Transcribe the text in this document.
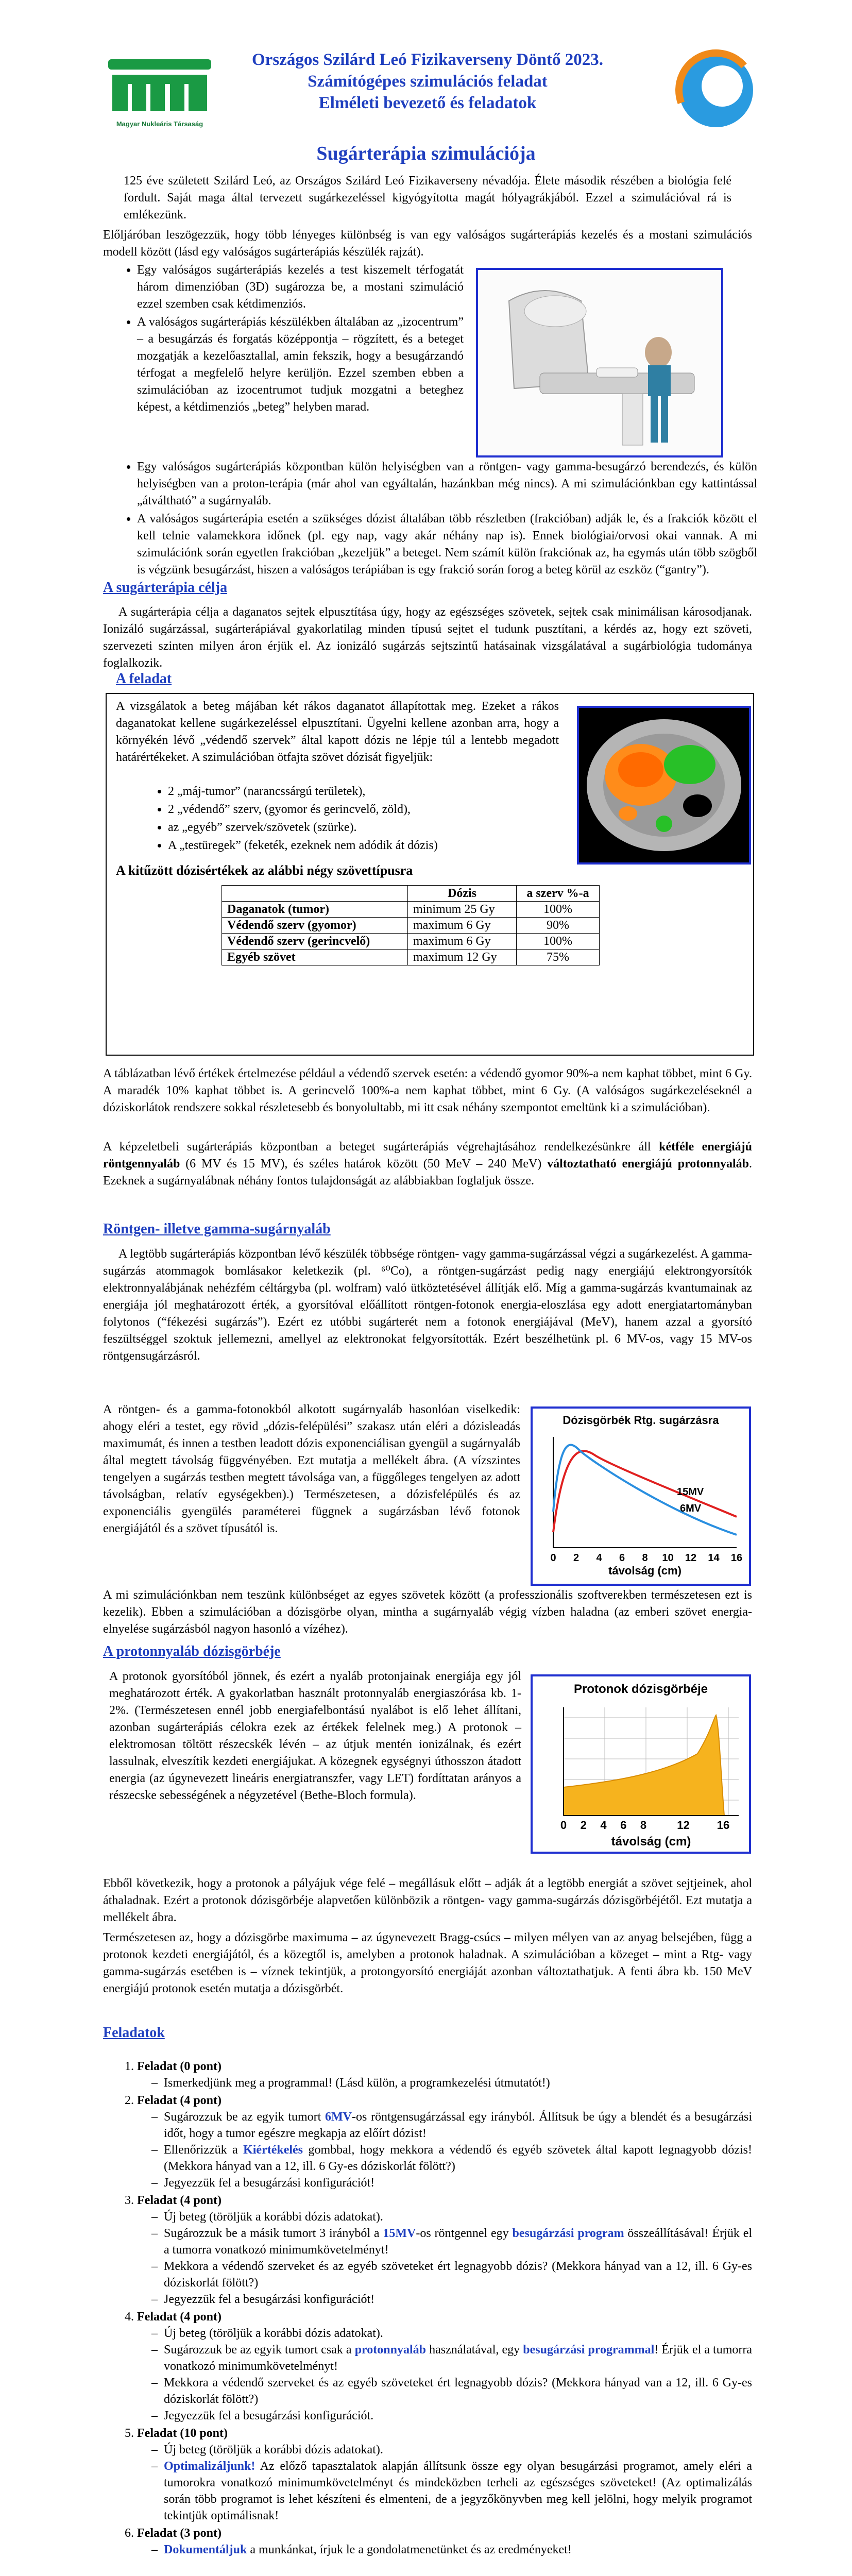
Magyar Nukleáris Társaság
Országos Szilárd Leó Fizikaverseny Döntő 2023.
Számítógépes szimulációs feladat
Elméleti bevezető és feladatok
Sugárterápia szimulációja
125 éve született Szilárd Leó, az Országos Szilárd Leó Fizikaverseny névadója. Élete második részében a biológia felé fordult. Saját maga által tervezett sugárkezeléssel kigyógyította magát hólyagrákjából. Ezzel a szimulációval rá is emlékezünk.
Előljáróban leszögezzük, hogy több lényeges különbség is van egy valóságos sugárterápiás kezelés és a mostani szimulációs modell között (lásd egy valóságos sugárterápiás készülék rajzát).
• Egy valóságos sugárterápiás kezelés a test kiszemelt térfogatát három dimenzióban (3D) sugározza be, a mostani szimuláció ezzel szemben csak kétdimenziós.
• A valóságos sugárterápiás készülékben általában az „izocentrum” – a besugárzás és forgatás középpontja – rögzített, és a beteget mozgatják a kezelőasztallal, amin fekszik, hogy a besugárzandó térfogat a megfelelő helyre kerüljön. Ezzel szemben ebben a szimulációban az izocentrumot tudjuk mozgatni a beteghez képest, a kétdimenziós „beteg” helyben marad.
• Egy valóságos sugárterápiás központban külön helyiségben van a röntgen- vagy gamma-besugárzó berendezés, és külön helyiségben van a proton-terápia (már ahol van egyáltalán, hazánkban még nincs). A mi szimulációnkban egy kattintással „átváltható” a sugárnyaláb.
• A valóságos sugárterápia esetén a szükséges dózist általában több részletben (frakcióban) adják le, és a frakciók között el kell telnie valamekkora időnek (pl. egy nap, vagy akár néhány nap is). Ennek biológiai/orvosi okai vannak. A mi szimulációnk során egyetlen frakcióban „kezeljük” a beteget. Nem számít külön frakciónak az, ha egymás után több szögből is végzünk besugárzást, hiszen a valóságos terápiában is egy frakció során forog a beteg körül az eszköz (“gantry”).
A sugárterápia célja
A sugárterápia célja a daganatos sejtek elpusztítása úgy, hogy az egészséges szövetek, sejtek csak minimálisan károsodjanak. Ionizáló sugárzással, sugárterápiával gyakorlatilag minden típusú sejtet el tudunk pusztítani, a kérdés az, hogy ezt szöveti, szervezeti szinten milyen áron érjük el. Az ionizáló sugárzás sejtszintű hatásainak vizsgálatával a sugárbiológia tudománya foglalkozik.
A feladat
A vizsgálatok a beteg májában két rákos daganatot állapítottak meg. Ezeket a rákos daganatokat kellene sugárkezeléssel elpusztítani. Ügyelni kellene azonban arra, hogy a környékén lévő „védendő szervek” által kapott dózis ne lépje túl a lentebb megadott határértékeket. A szimulációban ötfajta szövet dózisát figyeljük:
• 2 „máj-tumor” (narancssárgú területek),
• 2 „védendő” szerv, (gyomor és gerincvelő, zöld),
• az „egyéb” szervek/szövetek (szürke).
• A „testüregek” (feketék, ezeknek nem adódik át dózis)
A kitűzött dózisértékek az alábbi négy szövettípusra
	Dózis	a szerv %-a
Daganatok (tumor)	minimum 25 Gy	100%
Védendő szerv (gyomor)	maximum 6 Gy	90%
Védendő szerv (gerincvelő)	maximum 6 Gy	100%
Egyéb szövet	maximum 12 Gy	75%
A táblázatban lévő értékek értelmezése például a védendő szervek esetén: a védendő gyomor 90%-a nem kaphat többet, mint 6 Gy. A maradék 10% kaphat többet is. A gerincvelő 100%-a nem kaphat többet, mint 6 Gy. (A valóságos sugárkezeléseknél a dóziskorlátok rendszere sokkal részletesebb és bonyolultabb, mi itt csak néhány szempontot emeltünk ki a szimulációban).
A képzeletbeli sugárterápiás központban a beteget sugárterápiás végrehajtásához rendelkezésünkre áll kétféle energiájú röntgennyaláb (6 MV és 15 MV), és széles határok között (50 MeV – 240 MeV) változtatható energiájú protonnyaláb. Ezeknek a sugárnyalábnak néhány fontos tulajdonságát az alábbiakban foglaljuk össze.
Röntgen- illetve gamma-sugárnyaláb
A legtöbb sugárterápiás központban lévő készülék többsége röntgen- vagy gamma-sugárzással végzi a sugárkezelést. A gamma-sugárzás atommagok bomlásakor keletkezik (pl. ⁶⁰Co), a röntgen-sugárzást pedig nagy energiájú elektrongyorsítók elektronnyalábjának nehézfém céltárgyba (pl. wolfram) való ütköztetésével állítják elő. Míg a gamma-sugárzás kvantumainak az energiája jól meghatározott érték, a gyorsítóval előállított röntgen-fotonok energia-eloszlása egy adott energiatartományban folytonos (“fékezési sugárzás”). Ezért ez utóbbi sugárterét nem a fotonok energiájával (MeV), hanem azzal a gyorsító feszültséggel szoktuk jellemezni, amellyel az elektronokat felgyorsították. Ezért beszélhetünk pl. 6 MV-os, vagy 15 MV-os röntgensugárzásról.
A röntgen- és a gamma-fotonokból alkotott sugárnyaláb hasonlóan viselkedik: ahogy eléri a testet, egy rövid „dózis-felépülési” szakasz után eléri a dózisleadás maximumát, és innen a testben leadott dózis exponenciálisan gyengül a sugárnyaláb által megtett távolság függvényében. Ezt mutatja a mellékelt ábra. (A vízszintes tengelyen a sugárzás testben megtett távolsága van, a függőleges tengelyen az adott távolságban, relatív egységekben).) Természetesen, a dózisfelépülés és az exponenciális gyengülés paraméterei függnek a sugárzásban lévő fotonok energiájától és a szövet típusától is.
Dózisgörbék Rtg. sugárzásra
15MV
6MV
0 2 4 6 8 10 12 14 16
távolság (cm)
A mi szimulációnkban nem teszünk különbséget az egyes szövetek között (a professzionális szoftverekben természetesen ezt is kezelik). Ebben a szimulációban a dózisgörbe olyan, mintha a sugárnyaláb végig vízben haladna (az emberi szövet energia-elnyelése sugárzásból nagyon hasonló a vízéhez).
A protonnyaláb dózisgörbéje
A protonok gyorsítóból jönnek, és ezért a nyaláb protonjainak energiája egy jól meghatározott érték. A gyakorlatban használt protonnyaláb energiaszórása kb. 1-2%. (Természetesen ennél jobb energiafelbontású nyalábot is elő lehet állítani, azonban sugárterápiás célokra ezek az értékek felelnek meg.) A protonok – elektromosan töltött részecskék lévén – az útjuk mentén ionizálnak, és ezért lassulnak, elveszítik kezdeti energiájukat. A közegnek egységnyi úthosszon átadott energia (az úgynevezett lineáris energiatranszfer, vagy LET) fordíttatan arányos a részecske sebességének a négyzetével (Bethe-Bloch formula).
Protonok dózisgörbéje
0 2 4 6 8	12 16
távolság (cm)
Ebből következik, hogy a protonok a pályájuk vége felé – megállásuk előtt – adják át a legtöbb energiát a szövet sejtjeinek, ahol áthaladnak. Ezért a protonok dózisgörbéje alapvetően különbözik a röntgen- vagy gamma-sugárzás dózisgörbéjétől. Ezt mutatja a mellékelt ábra.
Természetesen az, hogy a dózisgörbe maximuma – az úgynevezett Bragg-csúcs – milyen mélyen van az anyag belsejében, függ a protonok kezdeti energiájától, és a közegtől is, amelyben a protonok haladnak. A szimulációban a közeget – mint a Rtg- vagy gamma-sugárzás esetében is – víznek tekintjük, a protongyorsító energiáját azonban változtathatjuk. A fenti ábra kb. 150 MeV energiájú protonok esetén mutatja a dózisgörbét.
Feladatok
1. Feladat (0 pont)
– Ismerkedjünk meg a programmal! (Lásd külön, a programkezelési útmutatót!)
2. Feladat (4 pont)
– Sugározzuk be az egyik tumort 6MV-os röntgensugárzással egy irányból. Állítsuk be úgy a blendét és a besugárzási időt, hogy a tumor egészre megkapja az előírt dózist!
– Ellenőrizzük a Kiértékelés gombbal, hogy mekkora a védendő és egyéb szövetek által kapott legnagyobb dózis! (Mekkora hányad van a 12, ill. 6 Gy-es dóziskorlát fölött?)
– Jegyezzük fel a besugárzási konfigurációt!
3. Feladat (4 pont)
– Új beteg (töröljük a korábbi dózis adatokat).
– Sugározzuk be a másik tumort 3 irányból a 15MV-os röntgennel egy besugárzási program összeállításával! Érjük el a tumorra vonatkozó minimumkövetelményt!
– Mekkora a védendő szerveket és az egyéb szöveteket ért legnagyobb dózis? (Mekkora hányad van a 12, ill. 6 Gy-es dóziskorlát fölött?)
– Jegyezzük fel a besugárzási konfigurációt!
4. Feladat (4 pont)
– Új beteg (töröljük a korábbi dózis adatokat).
– Sugározzuk be az egyik tumort csak a protonnyaláb használatával, egy besugárzási programmal! Érjük el a tumorra vonatkozó minimumkövetelményt!
– Mekkora a védendő szerveket és az egyéb szöveteket ért legnagyobb dózis? (Mekkora hányad van a 12, ill. 6 Gy-es dóziskorlát fölött?)
– Jegyezzük fel a besugárzási konfigurációt.
5. Feladat (10 pont)
– Új beteg (töröljük a korábbi dózis adatokat).
– Optimalizáljunk! Az előző tapasztalatok alapján állítsunk össze egy olyan besugárzási programot, amely eléri a tumorokra vonatkozó minimumkövetelményt és mindeközben terheli az egészséges szöveteket! (Az optimalizálás során több programot is lehet készíteni és elmenteni, de a jegyzőkönyvben meg kell jelölni, hogy melyik programot tekintjük optimálisnak!
6. Feladat (3 pont)
– Dokumentáljuk a munkánkat, írjuk le a gondolatmenetünket és az eredményeket!
